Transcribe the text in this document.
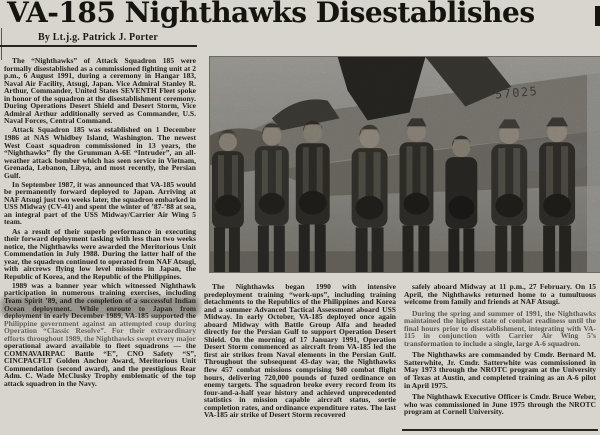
VA-185 Nighthawks Disestablishes
By Lt.j.g. Patrick J. Porter

The “Nighthawks” of Attack Squadron 185 were formally disestablished as a commissioned fighting unit at 2 p.m., 6 August 1991, during a ceremony in Hangar 183, Naval Air Facility, Atsugi, Japan. Vice Admiral Stanley R. Arthur, Commander, United States SEVENTH Fleet spoke in honor of the squadron at the disestablishment ceremony. During Operations Desert Shield and Desert Storm, Vice Admiral Arthur additionally served as Commander, U.S. Naval Forces, Central Command.

Attack Squadron 185 was established on 1 December 1986 at NAS Whidbey Island, Washington. The newest West Coast squadron commissioned in 13 years, the “Nighthawks” fly the Grumman A-6E “Intruder”, an all-weather attack bomber which has seen service in Vietnam, Grenada, Lebanon, Libya, and most recently, the Persian Gulf.

In September 1987, it was announced that VA-185 would be permanently forward deployed to Japan. Arriving at NAF Atsugi just two weeks later, the squadron embarked in USS Midway (CV-41) and spent the winter of ’87-’88 at sea, an integral part of the USS Midway/Carrier Air Wing 5 team.

As a result of their superb performance in executing their forward deployment tasking with less than two weeks notice, the Nighthawks were awarded the Meritorious Unit Commendation in July 1988. During the latter half of the year, the squadron continued to operated from NAF Atsugi, with aircrews flying low level missions in Japan, the Republic of Korea, and the Republic of the Philippines.

1989 was a banner year which witnessed Nighthawk participation in numerous training exercises, including Team Spirit ’89, and the completion of a successful Indian Ocean deployment. While enroute to Japan from deployment in early December 1989, VA-185 supported the Philippine government against an attempted coup during Operation “Classic Resolve”. For their extraordinary efforts throughout 1989, the Nighthawks swept every major operational award available to fleet squadrons — the COMNAVAIRPAC Battle “E”, CNO Safety “S”, CINCPACFLT Golden Anchor Award, Meritorious Unit Commendation (second award), and the prestigious Rear Adm. C. Wade McClusky Trophy emblematic of the top attack squadron in the Navy.

57025

The Nighthawks began 1990 with intensive predeployment training “work-ups”, including training detachments to the Republics of the Philippines and Korea and a summer Advanced Tactical Assessment aboard USS Midway. In early October, VA-185 deployed once again aboard Midway with Battle Group Alfa and headed directly for the Persian Gulf to support Operation Desert Shield. On the morning of 17 January 1991, Operation Desert Storm commenced as aircraft from VA-185 led the first air strikes from Naval elements in the Persian Gulf. Throughout the subsequent 43-day war, the Nighthawks flew 457 combat missions comprising 940 combat flight hours, delivering 720,000 pounds of fuzed ordinance on enemy targets. The squadron broke every record from its four-and-a-half year history and achieved unprecedented statistics in mission capable aircraft status, sortie completion rates, and ordinance expenditure rates. The last VA-185 air strike of Desert Storm recovered

safely aboard Midway at 11 p.m., 27 February. On 15 April, the Nighthawks returned home to a tumultuous welcome from family and friends at NAF Atsugi.

During the spring and summer of 1991, the Nighthawks maintained the highest state of combat readiness until the final hours prior to disestablishment, integrating with VA-115 in conjunction with Carrier Air Wing 5’s transformation to include a single, large A-6 squadron.

The Nighthawks are commanded by Cmdr. Bernard M. Satterwhite, Jr. Cmdr. Satterwhite was commissioned in May 1973 through the NROTC program at the University of Texas at Austin, and completed training as an A-6 pilot in April 1975.

The Nighthawk Executive Officer is Cmdr. Bruce Weber, who was commissioned in June 1975 through the NROTC program at Cornell University.
